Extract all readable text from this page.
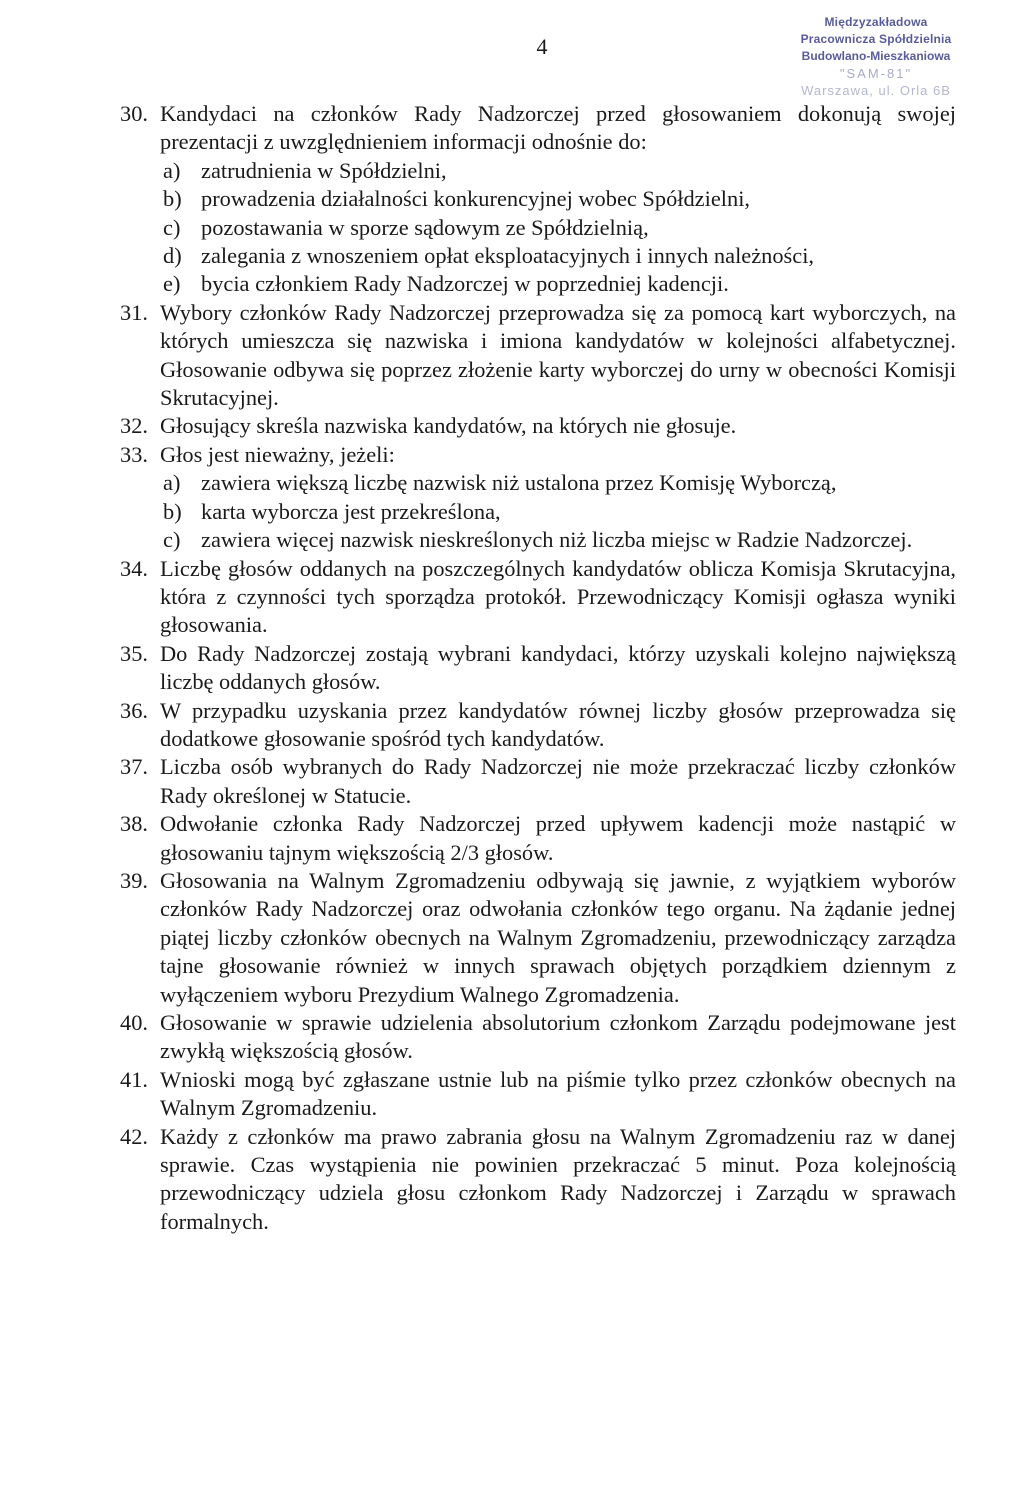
4
Międzyzakładowa Pracownicza Spółdzielnia
Budowlano-Mieszkaniowa
"SAM-81"
Warszawa, ul. Orla 6B
30. Kandydaci na członków Rady Nadzorczej przed głosowaniem dokonują swojej prezentacji z uwzględnieniem informacji odnośnie do:
a) zatrudnienia w Spółdzielni,
b) prowadzenia działalności konkurencyjnej wobec Spółdzielni,
c) pozostawania w sporze sądowym ze Spółdzielnią,
d) zalegania z wnoszeniem opłat eksploatacyjnych i innych należności,
e) bycia członkiem Rady Nadzorczej w poprzedniej kadencji.
31. Wybory członków Rady Nadzorczej przeprowadza się za pomocą kart wyborczych, na których umieszcza się nazwiska i imiona kandydatów w kolejności alfabetycznej. Głosowanie odbywa się poprzez złożenie karty wyborczej do urny w obecności Komisji Skrutacyjnej.
32. Głosujący skreśla nazwiska kandydatów, na których nie głosuje.
33. Głos jest nieważny, jeżeli:
a) zawiera większą liczbę nazwisk niż ustalona przez Komisję Wyborczą,
b) karta wyborcza jest przekreślona,
c) zawiera więcej nazwisk nieskreślonych niż liczba miejsc w Radzie Nadzorczej.
34. Liczbę głosów oddanych na poszczególnych kandydatów oblicza Komisja Skrutacyjna, która z czynności tych sporządza protokół. Przewodniczący Komisji ogłasza wyniki głosowania.
35. Do Rady Nadzorczej zostają wybrani kandydaci, którzy uzyskali kolejno największą liczbę oddanych głosów.
36. W przypadku uzyskania przez kandydatów równej liczby głosów przeprowadza się dodatkowe głosowanie spośród tych kandydatów.
37. Liczba osób wybranych do Rady Nadzorczej nie może przekraczać liczby członków Rady określonej w Statucie.
38. Odwołanie członka Rady Nadzorczej przed upływem kadencji może nastąpić w głosowaniu tajnym większością 2/3 głosów.
39. Głosowania na Walnym Zgromadzeniu odbywają się jawnie, z wyjątkiem wyborów członków Rady Nadzorczej oraz odwołania członków tego organu. Na żądanie jednej piątej liczby członków obecnych na Walnym Zgromadzeniu, przewodniczący zarządza tajne głosowanie również w innych sprawach objętych porządkiem dziennym z wyłączeniem wyboru Prezydium Walnego Zgromadzenia.
40. Głosowanie w sprawie udzielenia absolutorium członkom Zarządu podejmowane jest zwykłą większością głosów.
41. Wnioski mogą być zgłaszane ustnie lub na piśmie tylko przez członków obecnych na Walnym Zgromadzeniu.
42. Każdy z członków ma prawo zabrania głosu na Walnym Zgromadzeniu raz w danej sprawie. Czas wystąpienia nie powinien przekraczać 5 minut. Poza kolejnością przewodniczący udziela głosu członkom Rady Nadzorczej i Zarządu w sprawach formalnych.
